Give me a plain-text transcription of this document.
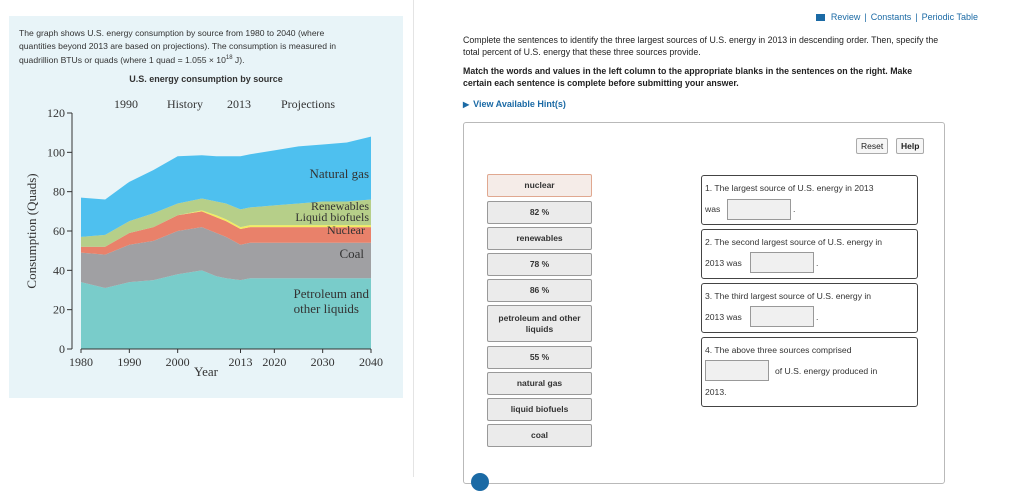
The graph shows U.S. energy consumption by source from 1980 to 2040 (where
quantities beyond 2013 are based on projections). The consumption is measured in
quadrillion BTUs or quads (where 1 quad = $1.055 \times 10^{18}$ J).
U.S. energy consumption by source
0
20
40
60
80
100
120
1980 1990 2000	2013 2020 2030 2040
1990 History 2013	Projections
Natural gas
Renewables
Liquid biofuels
Nuclear
Coal
Petroleum and
other liquids
Year
Consumption (Quads)
Review | Constants | Periodic Table
Complete the sentences to identify the three largest sources of U.S. energy in 2013 in descending order. Then, specify the
total percent of U.S. energy that these three sources provide.
Match the words and values in the left column to the appropriate blanks in the sentences on the right. Make
certain each sentence is complete before submitting your answer.
▶ View Available Hint(s)
Reset	Help
nuclear
82 %
renewables
78 %
86 %
petroleum and other liquids
55 %
natural gas
liquid biofuels
coal
1. The largest source of U.S. energy in 2013
was	.
2. The second largest source of U.S. energy in
2013 was	.
3. The third largest source of U.S. energy in
2013 was	.
4. The above three sources comprised
of U.S. energy produced in
2013.
